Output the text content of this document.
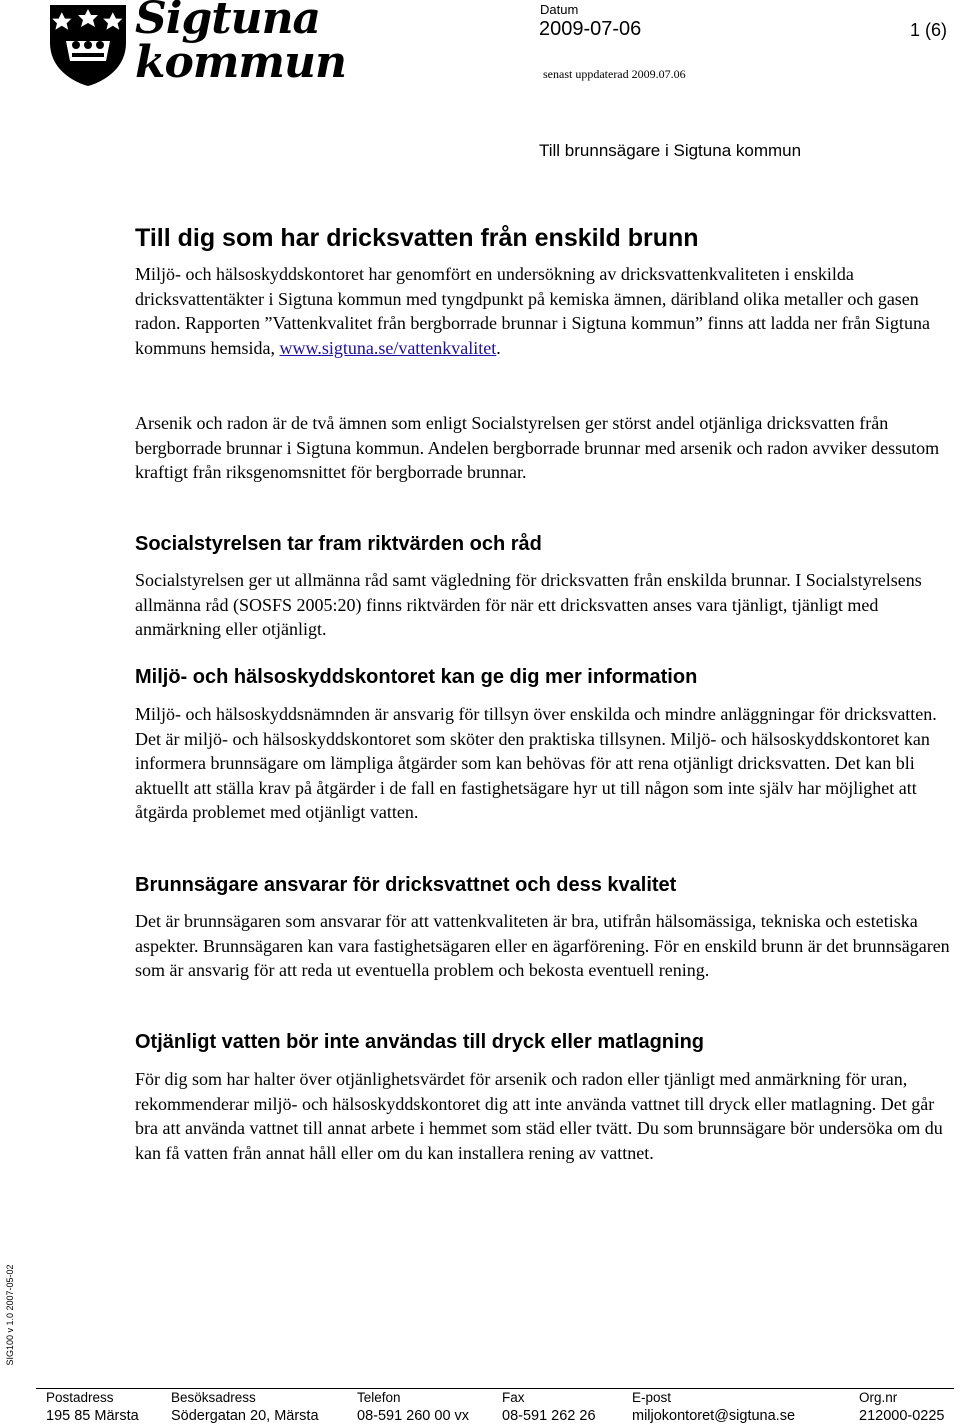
Sigtuna
kommun
Datum
2009-07-06	1 (6)
senast uppdaterad 2009.07.06
Till brunnsägare i Sigtuna kommun
Till dig som har dricksvatten från enskild brunn

Miljö- och hälsoskyddskontoret har genomfört en undersökning av dricksvattenkvaliteten i enskilda dricksvattentäkter i Sigtuna kommun med tyngdpunkt på kemiska ämnen, däribland olika metaller och gasen radon. Rapporten ”Vattenkvalitet från bergborrade brunnar i Sigtuna kommun” finns att ladda ner från Sigtuna kommuns hemsida, www.sigtuna.se/vattenkvalitet.

Arsenik och radon är de två ämnen som enligt Socialstyrelsen ger störst andel otjänliga dricksvatten från bergborrade brunnar i Sigtuna kommun. Andelen bergborrade brunnar med arsenik och radon avviker dessutom kraftigt från riksgenomsnittet för bergborrade brunnar.

Socialstyrelsen tar fram riktvärden och råd

Socialstyrelsen ger ut allmänna råd samt vägledning för dricksvatten från enskilda brunnar. I Socialstyrelsens allmänna råd (SOSFS 2005:20) finns riktvärden för när ett dricksvatten anses vara tjänligt, tjänligt med anmärkning eller otjänligt.

Miljö- och hälsoskyddskontoret kan ge dig mer information

Miljö- och hälsoskyddsnämnden är ansvarig för tillsyn över enskilda och mindre anläggningar för dricksvatten. Det är miljö- och hälsoskyddskontoret som sköter den praktiska tillsynen. Miljö- och hälsoskyddskontoret kan informera brunnsägare om lämpliga åtgärder som kan behövas för att rena otjänligt dricksvatten. Det kan bli aktuellt att ställa krav på åtgärder i de fall en fastighetsägare hyr ut till någon som inte själv har möjlighet att åtgärda problemet med otjänligt vatten.

Brunnsägare ansvarar för dricksvattnet och dess kvalitet

Det är brunnsägaren som ansvarar för att vattenkvaliteten är bra, utifrån hälsomässiga, tekniska och estetiska aspekter. Brunnsägaren kan vara fastighetsägaren eller en ägarförening. För en enskild brunn är det brunnsägaren som är ansvarig för att reda ut eventuella problem och bekosta eventuell rening.

Otjänligt vatten bör inte användas till dryck eller matlagning

För dig som har halter över otjänlighetsvärdet för arsenik och radon eller tjänligt med anmärkning för uran, rekommenderar miljö- och hälsoskyddskontoret dig att inte använda vattnet till dryck eller matlagning. Det går bra att använda vattnet till annat arbete i hemmet som städ eller tvätt. Du som brunnsägare bör undersöka om du kan få vatten från annat håll eller om du kan installera rening av vattnet.

SIG100 v 1.0 2007-05-02
Postadress
195 85 Märsta
Besöksadress
Södergatan 20, Märsta
Telefon
08-591 260 00 vx
Fax
08-591 262 26
E-post
miljokontoret@sigtuna.se
Org.nr
212000-0225
